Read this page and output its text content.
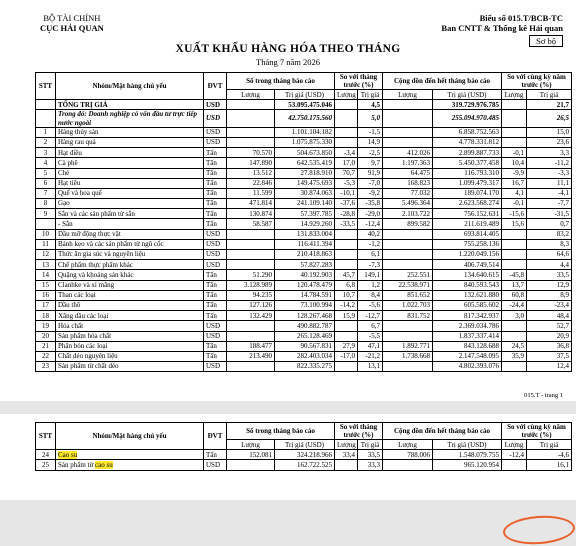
BỘ TÀI CHÍNH
CỤC HẢI QUAN
Biểu số 015.T/BCB-TC
Ban CNTT & Thống kê Hải quan
Sơ bộ
XUẤT KHẨU HÀNG HÓA THEO THÁNG
Tháng 7 năm 2026
STT	Nhóm/Mặt hàng chủ yếu	ĐVT	Số trong tháng báo cáo		So với tháng trước (%)		Cộng dồn đến hết tháng báo cáo		So với cùng kỳ năm trước (%)	
			Lượng	Trị giá (USD)	Lượng	Trị giá	Lượng	Trị giá (USD)	Lượng	Trị giá
	TỔNG TRỊ GIÁ	USD		53.095.475.046		4,5		319.729.976.785		21,7
	Trong đó: Doanh nghiệp có vốn đầu tư trực tiếp nước ngoài	USD		42.750.175.560		5,0		255.094.970.485		26,5
1	Hàng thủy sản	USD		1.101.104.182		-1,5		6.858.752.563		15,0
2	Hàng rau quả	USD		1.075.875.330		14,9		4.778.331.812		23,6
3	Hạt điều	Tấn	70.570	504.673.850	-3,4	-2,5	412.026	2.899.887.733	-0,1	3,3
4	Cà phê	Tấn	147.890	642.535.419	17,0	9,7	1.197.363	5.450.377.458	10,4	-11,2
5	Chè	Tấn	13.512	27.818.910	70,7	91,9	64.475	116.793.310	-9,9	-3,3
6	Hạt tiêu	Tấn	22.846	149.475.693	-5,3	-7,0	168.823	1.099.479.317	16,7	11,1
7	Quế và hoa quế	Tấn	11.599	30.874.063	-10,1	-9,2	77.032	189.074.170	4,1	-4,1
8	Gạo	Tấn	471.814	241.109.140	-37,6	-35,8	5.496.364	2.623.568.274	-0,1	-7,7
9	Sắn và các sản phẩm từ sắn	Tấn	130.874	57.397.785	-28,8	-29,0	2.103.722	756.152.631	-15,6	-31,5
	- Sắn	Tấn	58.587	14.929.260	-33,5	-12,4	899.582	211.619.489	15,6	0,7
10	Dầu mỡ động thực vật	USD		131.833.004		40,2		693.814.405		83,2
11	Bánh kẹo và các sản phẩm từ ngũ cốc	USD		116.411.394		-1,2		755.258.136		8,3
12	Thức ăn gia súc và nguyên liệu	USD		210.418.863		6,1		1.220.049.156		64,6
13	Chế phẩm thực phẩm khác	USD		57.827.283		-7,3		406.749.514		4,4
14	Quặng và khoáng sản khác	Tấn	51.290	40.192.903	45,7	149,1	252.551	134.640.615	-45,8	33,5
15	Clanhke và xi măng	Tấn	3.128.989	120.478.479	6,8	1,2	22.538.971	840.593.543	13,7	12,9
16	Than các loại	Tấn	94.235	14.784.591	10,7	8,4	851.652	132.621.880	60,8	8,9
17	Dầu thô	Tấn	127.126	73.100.994	-14,2	-5,6	1.022.703	605.585.602	-24,4	-23,4
18	Xăng dầu các loại	Tấn	132.429	128.267.468	15,9	-12,7	831.752	817.342.937	3,0	48,4
19	Hóa chất	USD		490.882.787		6,7		2.369.034.786		52,7
20	Sản phẩm hóa chất	USD		265.128.469		-5,5		1.837.337.414		20,9
21	Phân bón các loại	Tấn	188.477	90.567.831	27,9	47,1	1.892.771	843.128.688	24,5	36,8
22	Chất dẻo nguyên liệu	Tấn	213.490	282.403.034	-17,0	-21,2	1.738.668	2.147.548.095	35,9	37,5
23	Sản phẩm từ chất dẻo	USD		822.335.275		13,1		4.802.393.076		12,4
015.T - trang 1
STT	Nhóm/Mặt hàng chủ yếu	ĐVT	Số trong tháng báo cáo		So với tháng trước (%)		Cộng dồn đến hết tháng báo cáo		So với cùng kỳ năm trước (%)	
			Lượng	Trị giá (USD)	Lượng	Trị giá	Lượng	Trị giá (USD)	Lượng	Trị giá
24	Cao su	Tấn	152.081	324.218.966	33,4	33,5	788.006	1.548.079.755	-12,4	-4,6
25	Sản phẩm từ cao su	USD		162.722.525		33,3		965.120.954		16,1
